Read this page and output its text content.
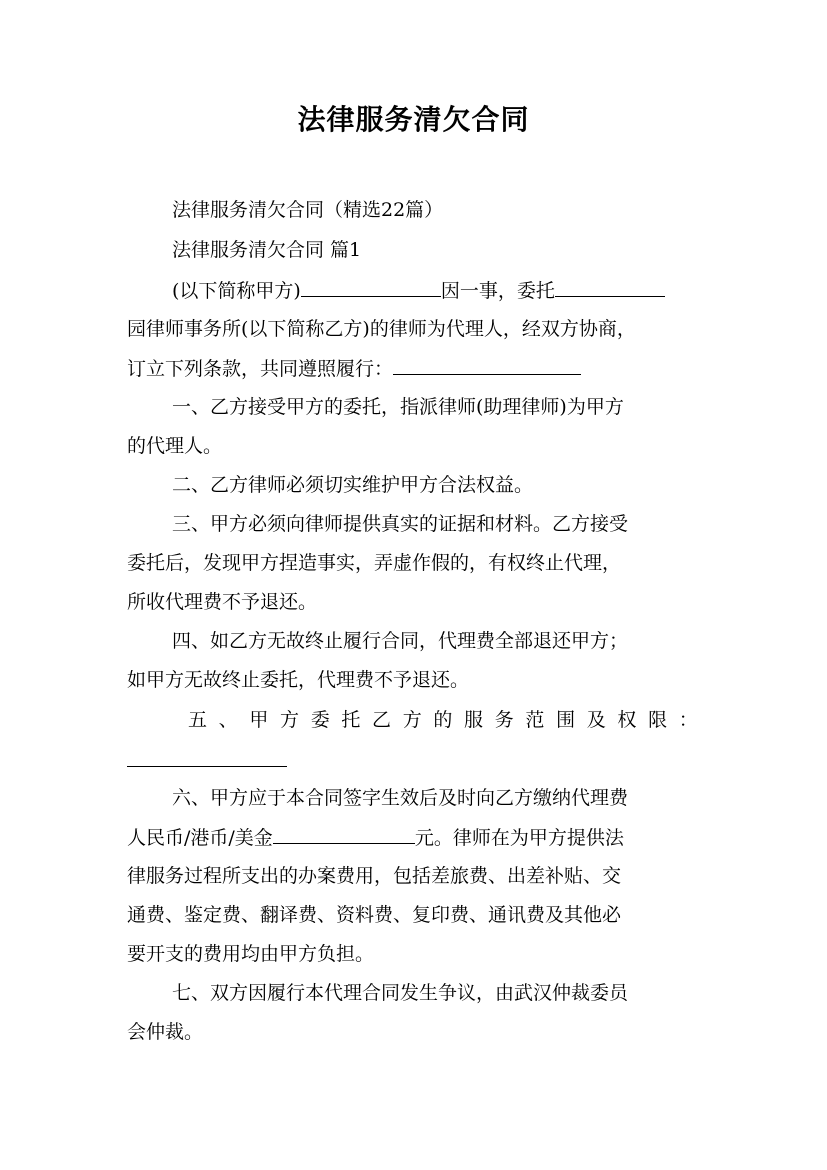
法律服务清欠合同
法律服务清欠合同（精选22篇）
法律服务清欠合同 篇1
(以下简称甲方)	因一事，委托
园律师事务所(以下简称乙方)的律师为代理人，经双方协商，
订立下列条款，共同遵照履行：
一、乙方接受甲方的委托，指派律师(助理律师)为甲方
的代理人。
二、乙方律师必须切实维护甲方合法权益。
三、甲方必须向律师提供真实的证据和材料。乙方接受
委托后，发现甲方捏造事实，弄虚作假的，有权终止代理，
所收代理费不予退还。
四、如乙方无故终止履行合同，代理费全部退还甲方；
如甲方无故终止委托，代理费不予退还。
五 、 甲 方 委 托 乙 方 的 服 务 范 围 及 权 限 ：
六、甲方应于本合同签字生效后及时向乙方缴纳代理费
人民币/港币/美金	元。律师在为甲方提供法
律服务过程所支出的办案费用，包括差旅费、出差补贴、交
通费、鉴定费、翻译费、资料费、复印费、通讯费及其他必
要开支的费用均由甲方负担。
七、双方因履行本代理合同发生争议，由武汉仲裁委员
会仲裁。
